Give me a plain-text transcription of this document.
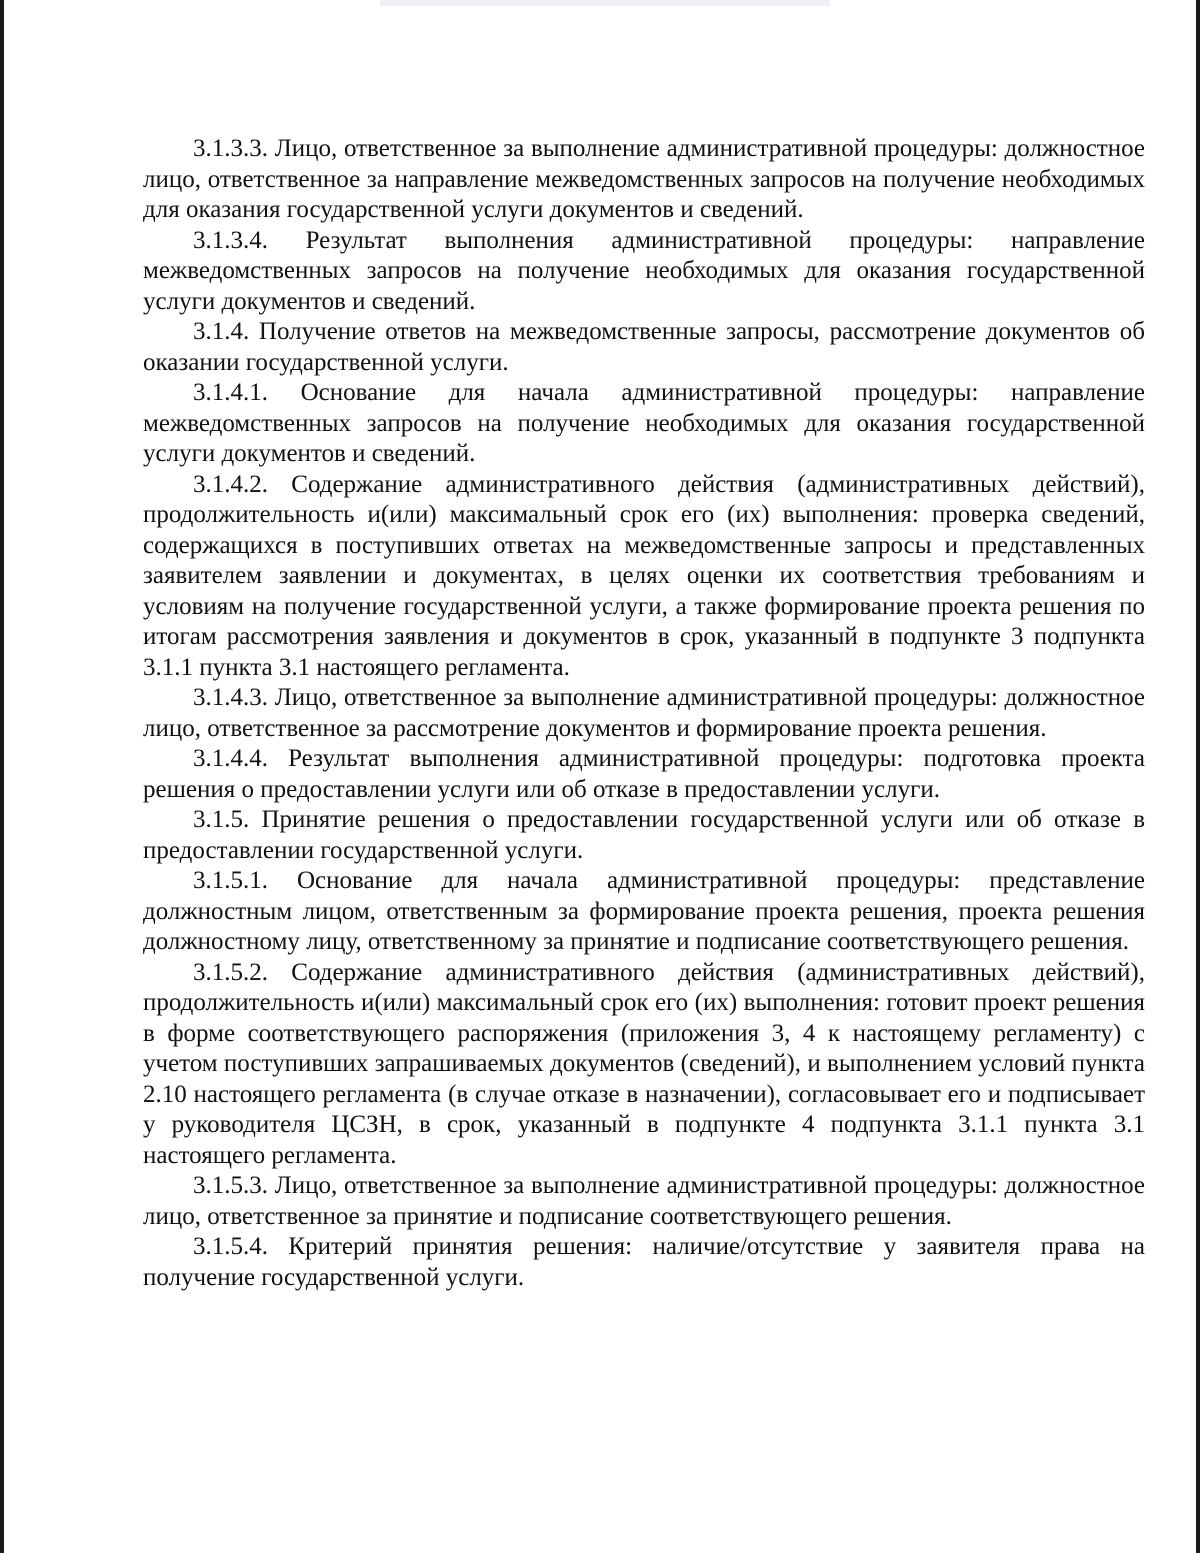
3.1.3.3. Лицо, ответственное за выполнение административной процедуры: должностное лицо, ответственное за направление межведомственных запросов на получение необходимых для оказания государственной услуги документов и сведений.

3.1.3.4. Результат выполнения административной процедуры: направление межведомственных запросов на получение необходимых для оказания государственной услуги документов и сведений.

3.1.4. Получение ответов на межведомственные запросы, рассмотрение документов об оказании государственной услуги.

3.1.4.1. Основание для начала административной процедуры: направление межведомственных запросов на получение необходимых для оказания государственной услуги документов и сведений.

3.1.4.2. Содержание административного действия (административных действий), продолжительность и(или) максимальный срок его (их) выполнения: проверка сведений, содержащихся в поступивших ответах на межведомственные запросы и представленных заявителем заявлении и документах, в целях оценки их соответствия требованиям и условиям на получение государственной услуги, а также формирование проекта решения по итогам рассмотрения заявления и документов в срок, указанный в подпункте 3 подпункта 3.1.1 пункта 3.1 настоящего регламента.

3.1.4.3. Лицо, ответственное за выполнение административной процедуры: должностное лицо, ответственное за рассмотрение документов и формирование проекта решения.

3.1.4.4. Результат выполнения административной процедуры: подготовка проекта решения о предоставлении услуги или об отказе в предоставлении услуги.

3.1.5. Принятие решения о предоставлении государственной услуги или об отказе в предоставлении государственной услуги.

3.1.5.1. Основание для начала административной процедуры: представление должностным лицом, ответственным за формирование проекта решения, проекта решения должностному лицу, ответственному за принятие и подписание соответствующего решения.

3.1.5.2. Содержание административного действия (административных действий), продолжительность и(или) максимальный срок его (их) выполнения: готовит проект решения в форме соответствующего распоряжения (приложения 3, 4 к настоящему регламенту) с учетом поступивших запрашиваемых документов (сведений), и выполнением условий пункта 2.10 настоящего регламента (в случае отказе в назначении), согласовывает его и подписывает у руководителя ЦСЗН, в срок, указанный в подпункте 4 подпункта 3.1.1 пункта 3.1 настоящего регламента.

3.1.5.3. Лицо, ответственное за выполнение административной процедуры: должностное лицо, ответственное за принятие и подписание соответствующего решения.

3.1.5.4. Критерий принятия решения: наличие/отсутствие у заявителя права на получение государственной услуги.
